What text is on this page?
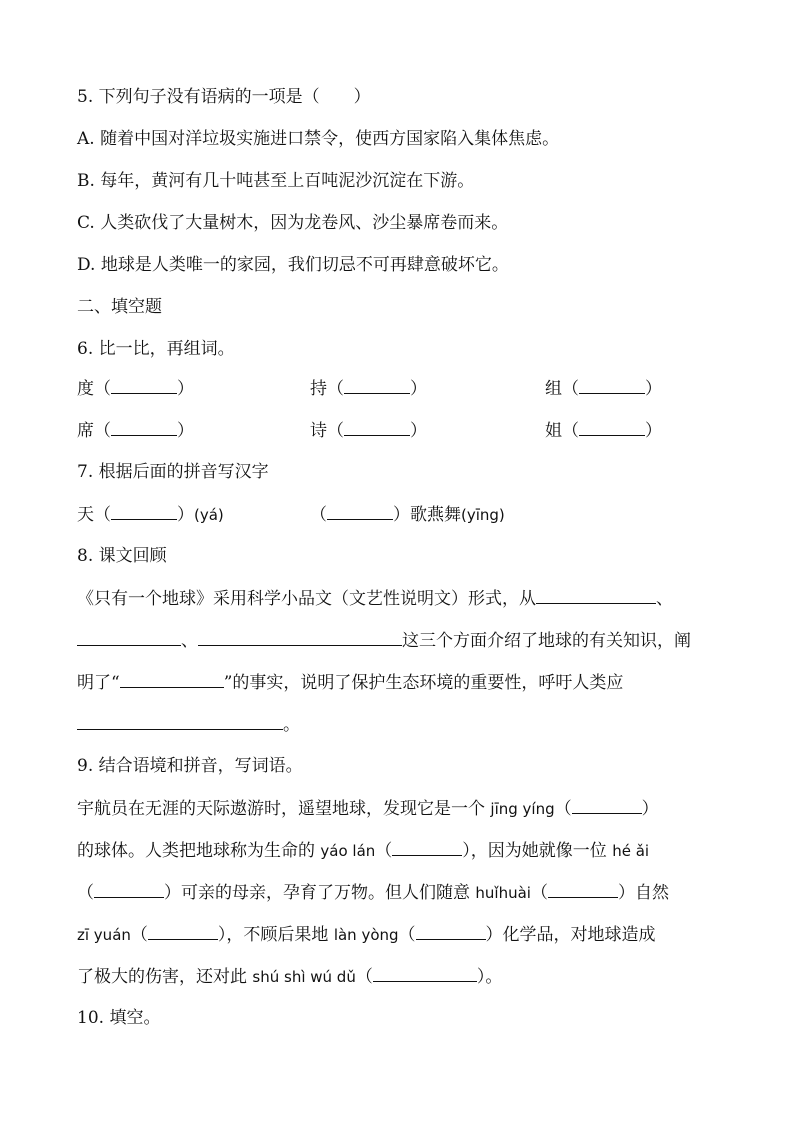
5. 下列句子没有语病的一项是（　　）
A. 随着中国对洋垃圾实施进口禁令，使西方国家陷入集体焦虑。
B. 每年，黄河有几十吨甚至上百吨泥沙沉淀在下游。
C. 人类砍伐了大量树木，因为龙卷风、沙尘暴席卷而来。
D. 地球是人类唯一的家园，我们切忌不可再肆意破坏它。
二、填空题
6. 比一比，再组词。
度（	）	持（	）	组（	）
席（	）	诗（	）	姐（	）
7. 根据后面的拼音写汉字
天（	）(yá)	（	）歌燕舞(yīng)
8. 课文回顾
《只有一个地球》采用科学小品文（文艺性说明文）形式，从	、
、	这三个方面介绍了地球的有关知识，阐
明了“	”的事实，说明了保护生态环境的重要性，呼吁人类应
。
9. 结合语境和拼音，写词语。
宇航员在无涯的天际遨游时，遥望地球，发现它是一个 jīng yíng（	）
的球体。人类把地球称为生命的 yáo lán（	），因为她就像一位 hé ǎi
（	）可亲的母亲，孕育了万物。但人们随意 huǐhuài（	）自然
zī yuán（	），不顾后果地 làn yòng（	）化学品，对地球造成
了极大的伤害，还对此 shú shì wú dǔ（	）。
10. 填空。
